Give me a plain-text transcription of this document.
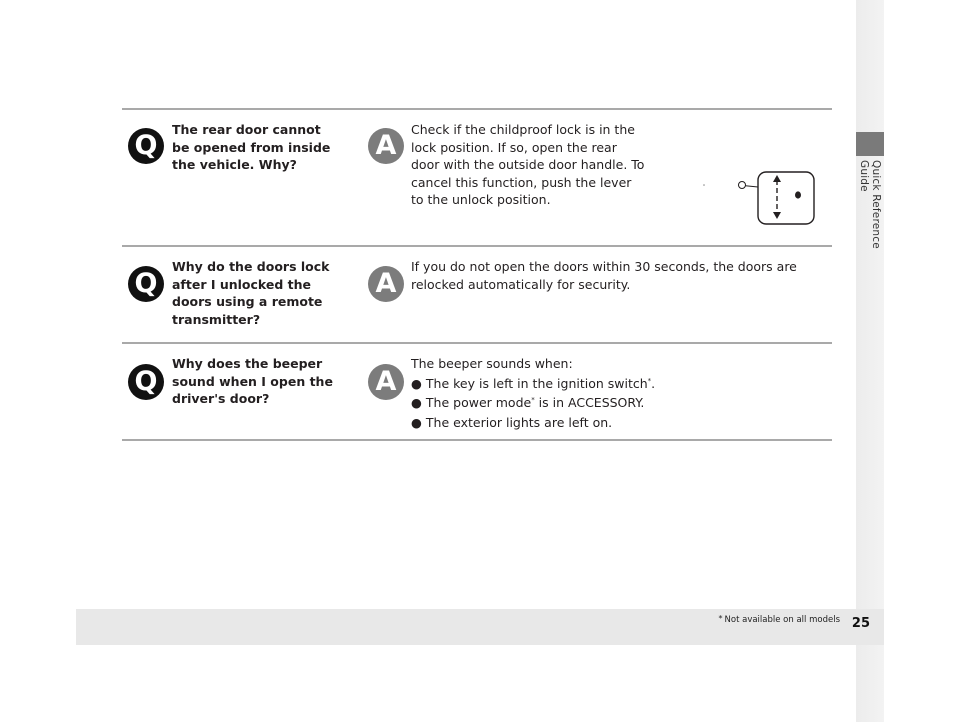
Quick Reference Guide
Q
The rear door cannot be opened from inside the vehicle. Why?
A
Check if the childproof lock is in the lock position. If so, open the rear door with the outside door handle. To cancel this function, push the lever to the unlock position.
Q
Why do the doors lock after I unlocked the doors using a remote transmitter?
A
If you do not open the doors within 30 seconds, the doors are relocked automatically for security.
Q
Why does the beeper sound when I open the driver's door?
A
The beeper sounds when:
● The key is left in the ignition switch*.
● The power mode* is in ACCESSORY.
● The exterior lights are left on.
* Not available on all models 25
